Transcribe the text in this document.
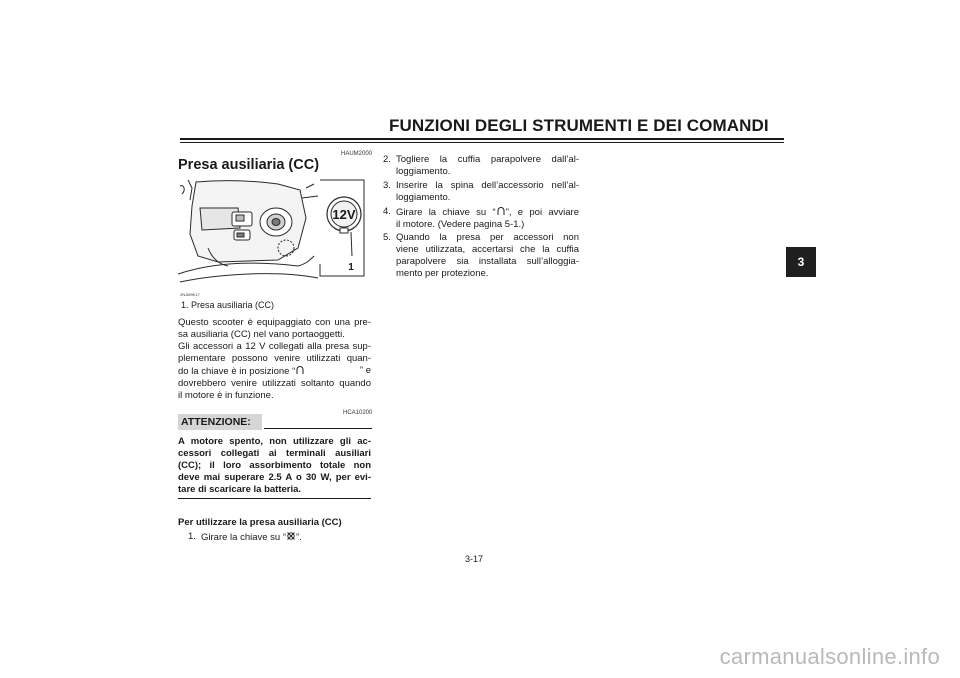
FUNZIONI DEGLI STRUMENTI E DEI COMANDI
3
HAUM2000
Presa ausiliaria (CC)
12V
1
2NJM9K17
1. Presa ausiliaria (CC)
Questo scooter è equipaggiato con una pre-
sa ausiliaria (CC) nel vano portaoggetti.
Gli accessori a 12 V collegati alla presa sup-
plementare possono venire utilizzati quan-
do la chiave è in posizione “	” e
dovrebbero venire utilizzati soltanto quando
il motore è in funzione.
HCA10200
ATTENZIONE:
A motore spento, non utilizzare gli ac-
cessori collegati ai terminali ausiliari
(CC); il loro assorbimento totale non
deve mai superare 2.5 A o 30 W, per evi-
tare di scaricare la batteria.
Per utilizzare la presa ausiliaria (CC)
1. Girare la chiave su “ ”.
2. Togliere la cuffia parapolvere dall’al-
loggiamento.
3. Inserire la spina dell’accessorio nell’al-
loggiamento.
4. Girare la chiave su “ ”, e poi avviare
il motore. (Vedere pagina 5-1.)
5. Quando la presa per accessori non
viene utilizzata, accertarsi che la cuffia
parapolvere sia installata sull’alloggia-
mento per protezione.
3-17
carmanualsonline.info
